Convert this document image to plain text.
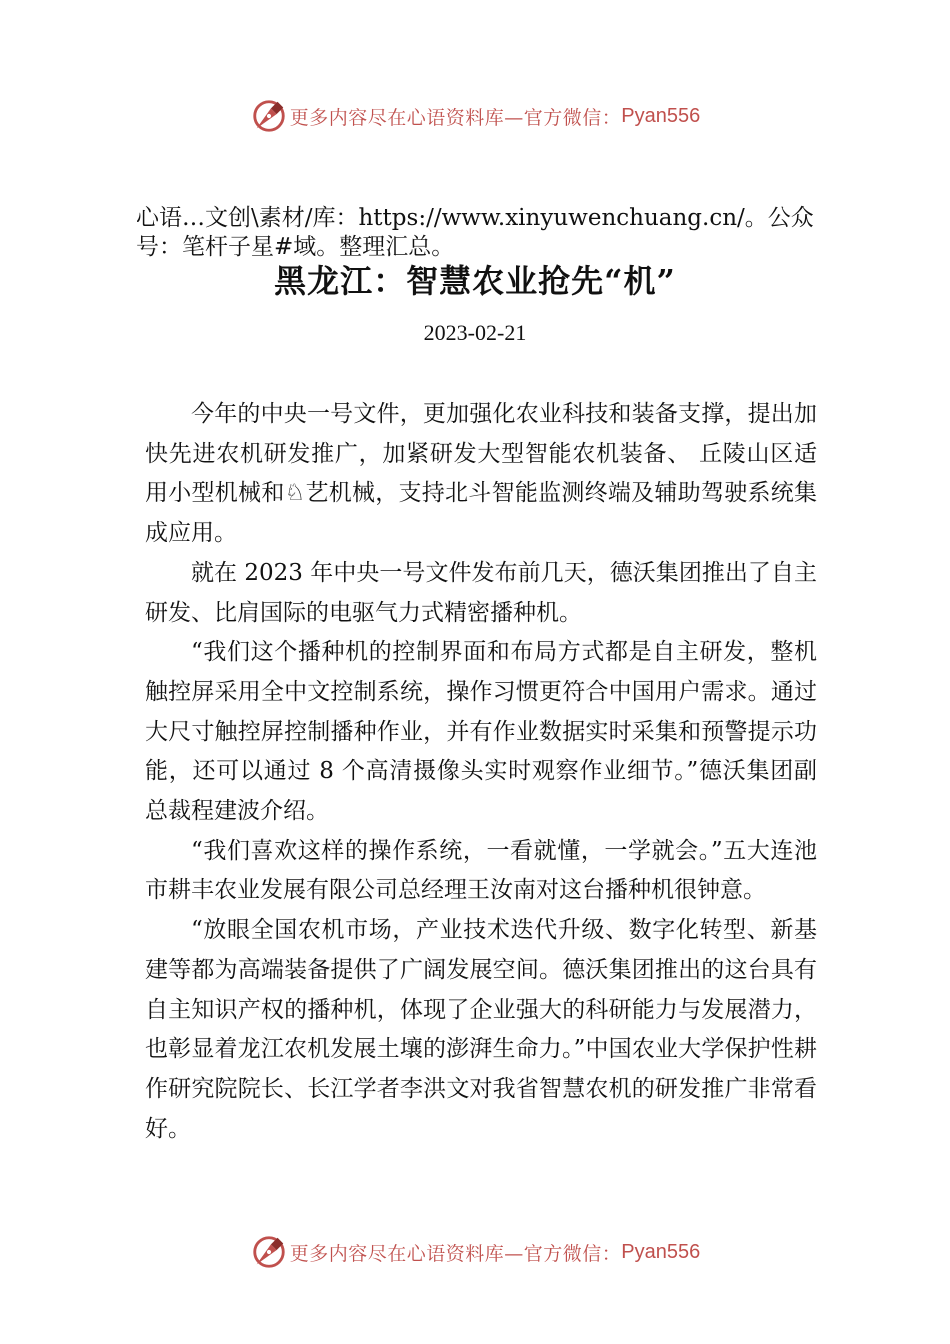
更多内容尽在心语资料库—官方微信： Pyan556
心语…文创\素材/库：https://www.xinyuwenchuang.cn/。公众号：笔杆子星#域。整理汇总。
黑龙江：智慧农业抢先“机”
2023-02-21

今年的中央一号文件，更加强化农业科技和装备支撑，提出加快先进农机研发推广，加紧研发大型智能农机装备、 丘陵山区适用小型机械和♘艺机械，支持北斗智能监测终端及辅助驾驶系统集成应用。

就在 2023 年中央一号文件发布前几天，德沃集团推出了自主研发、比肩国际的电驱气力式精密播种机。

“我们这个播种机的控制界面和布局方式都是自主研发，整机触控屏采用全中文控制系统，操作习惯更符合中国用户需求。通过大尺寸触控屏控制播种作业，并有作业数据实时采集和预警提示功能，还可以通过 8 个高清摄像头实时观察作业细节。”德沃集团副总裁程建波介绍。

“我们喜欢这样的操作系统，一看就懂，一学就会。”五大连池市耕丰农业发展有限公司总经理王汝南对这台播种机很钟意。

“放眼全国农机市场，产业技术迭代升级、数字化转型、新基建等都为高端装备提供了广阔发展空间。德沃集团推出的这台具有自主知识产权的播种机，体现了企业强大的科研能力与发展潜力，也彰显着龙江农机发展土壤的澎湃生命力。”中国农业大学保护性耕作研究院院长、长江学者李洪文对我省智慧农机的研发推广非常看好。

更多内容尽在心语资料库—官方微信： Pyan556
